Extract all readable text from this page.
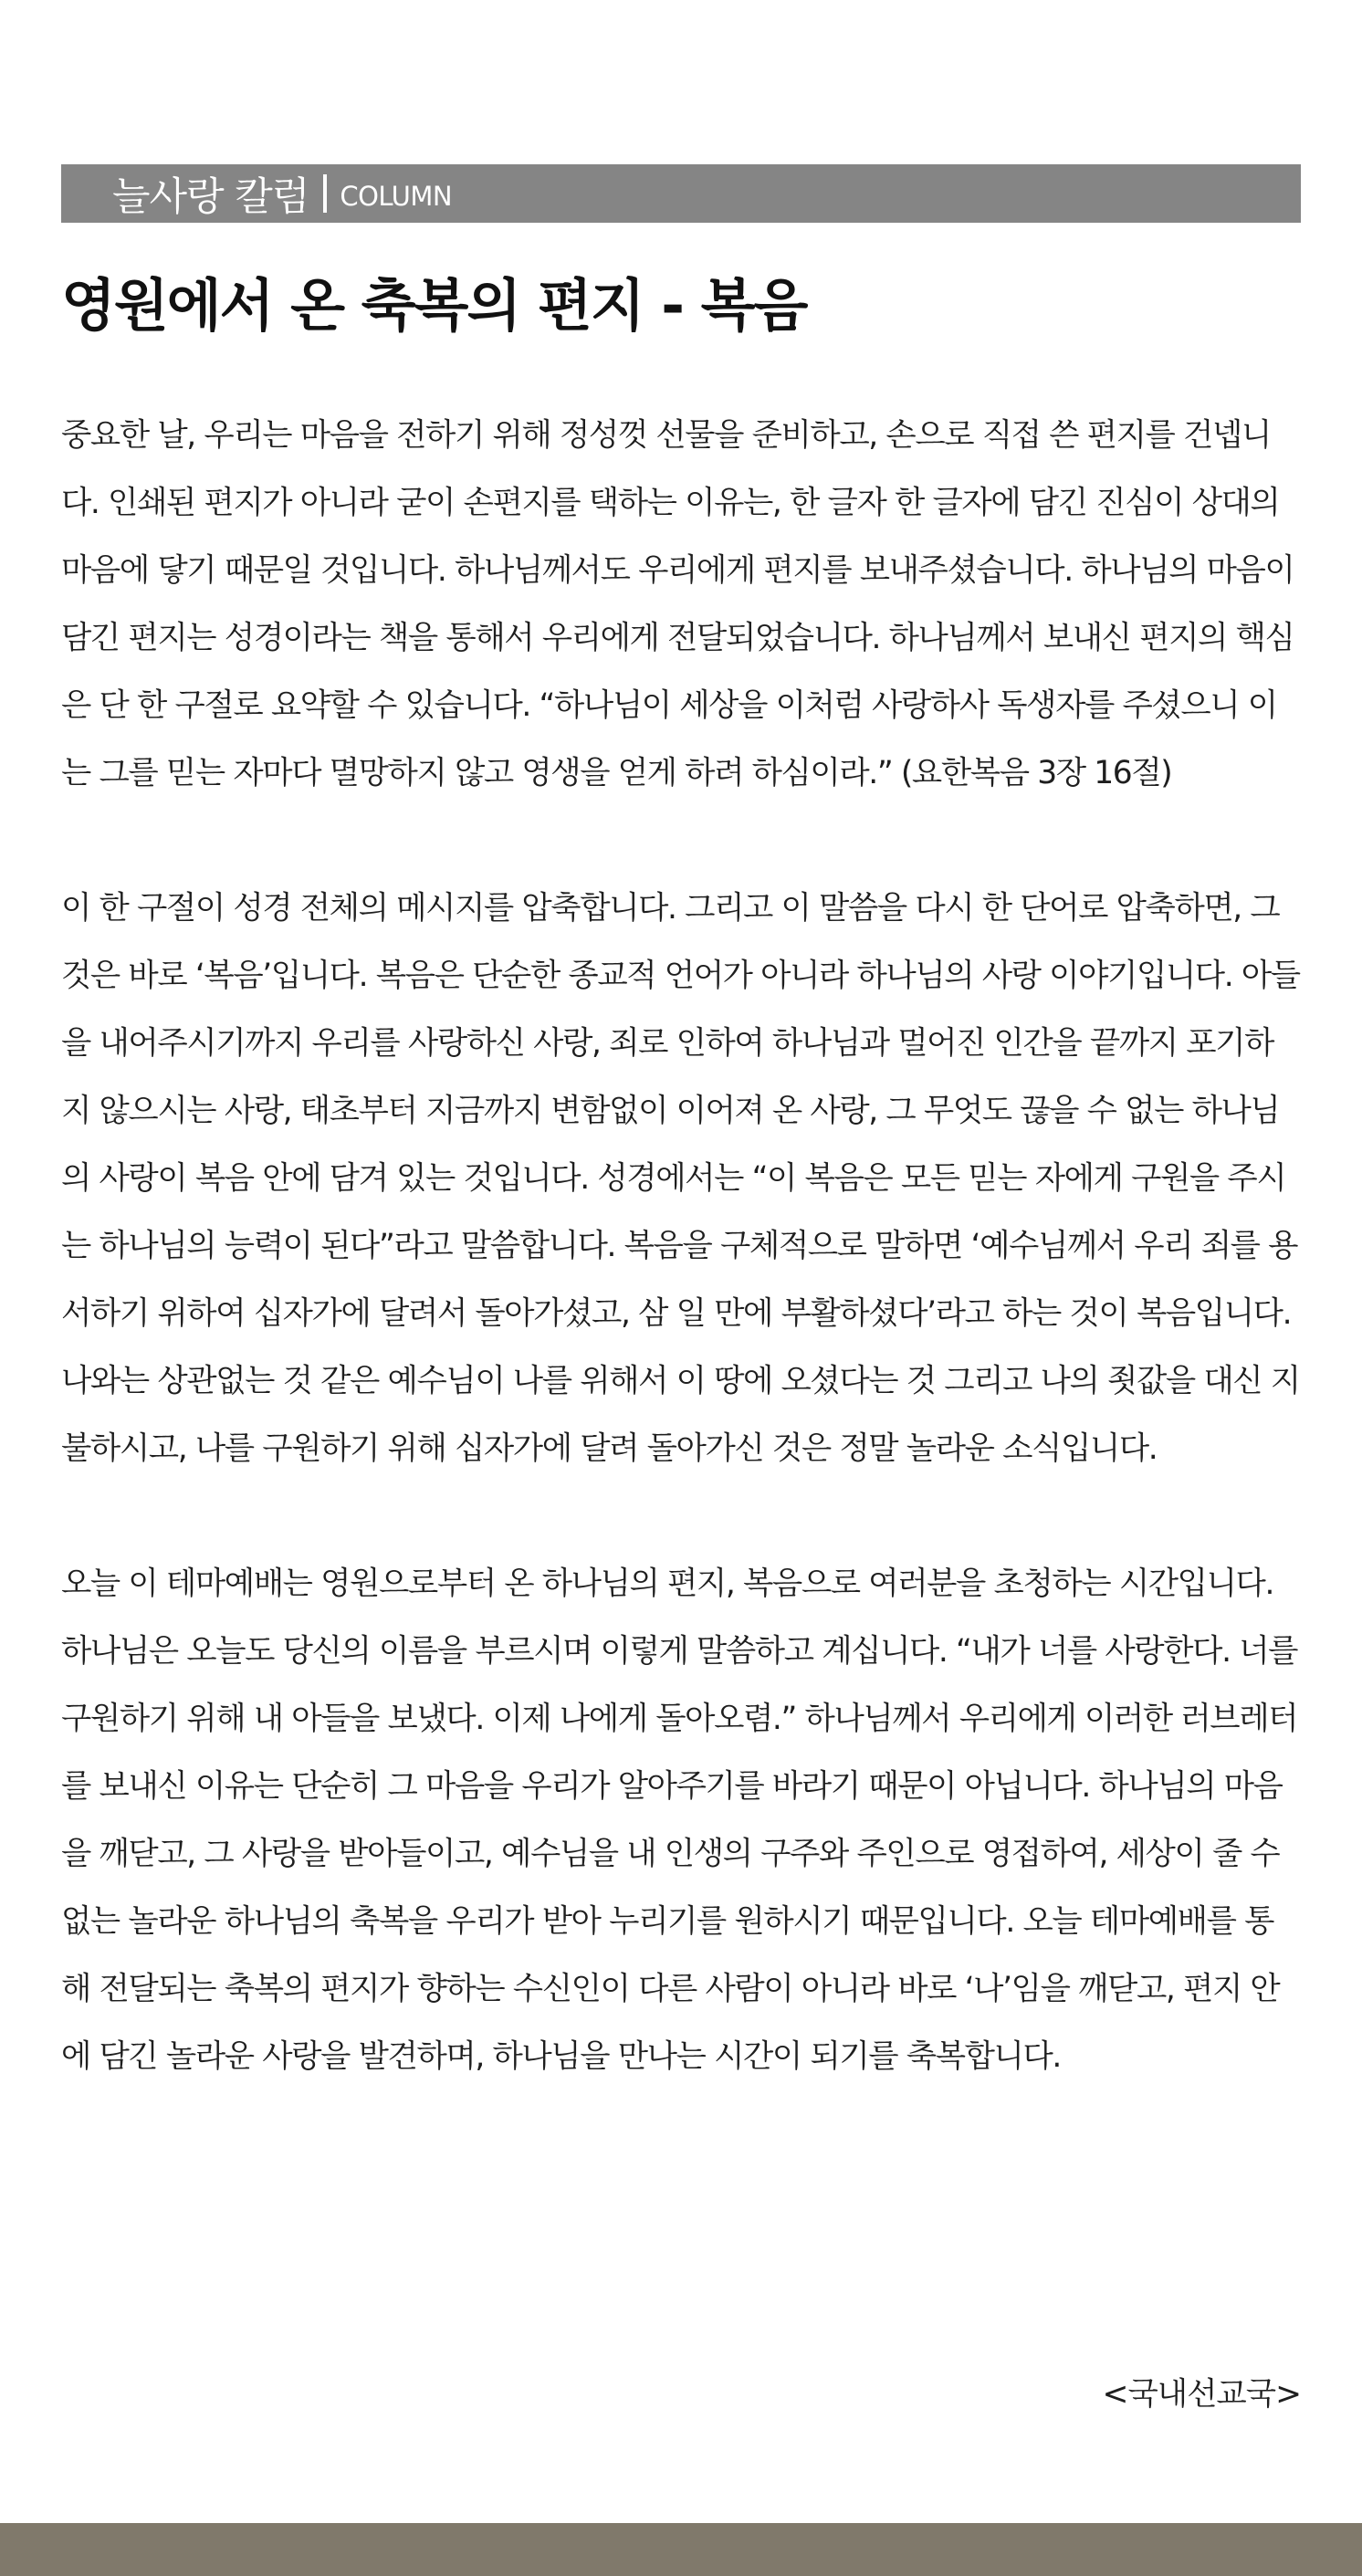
늘사랑 칼럼 COLUMN
영원에서 온 축복의 편지 - 복음

중요한 날, 우리는 마음을 전하기 위해 정성껏 선물을 준비하고, 손으로 직접 쓴 편지를 건넵니다. 인쇄된 편지가 아니라 굳이 손편지를 택하는 이유는, 한 글자 한 글자에 담긴 진심이 상대의 마음에 닿기 때문일 것입니다. 하나님께서도 우리에게 편지를 보내주셨습니다. 하나님의 마음이 담긴 편지는 성경이라는 책을 통해서 우리에게 전달되었습니다. 하나님께서 보내신 편지의 핵심은 단 한 구절로 요약할 수 있습니다. “하나님이 세상을 이처럼 사랑하사 독생자를 주셨으니 이는 그를 믿는 자마다 멸망하지 않고 영생을 얻게 하려 하심이라.” (요한복음 3장 16절)

이 한 구절이 성경 전체의 메시지를 압축합니다. 그리고 이 말씀을 다시 한 단어로 압축하면, 그것은 바로 ‘복음’입니다. 복음은 단순한 종교적 언어가 아니라 하나님의 사랑 이야기입니다. 아들을 내어주시기까지 우리를 사랑하신 사랑, 죄로 인하여 하나님과 멀어진 인간을 끝까지 포기하지 않으시는 사랑, 태초부터 지금까지 변함없이 이어져 온 사랑, 그 무엇도 끊을 수 없는 하나님의 사랑이 복음 안에 담겨 있는 것입니다. 성경에서는 “이 복음은 모든 믿는 자에게 구원을 주시는 하나님의 능력이 된다”라고 말씀합니다. 복음을 구체적으로 말하면 ‘예수님께서 우리 죄를 용서하기 위하여 십자가에 달려서 돌아가셨고, 삼 일 만에 부활하셨다’라고 하는 것이 복음입니다. 나와는 상관없는 것 같은 예수님이 나를 위해서 이 땅에 오셨다는 것 그리고 나의 죗값을 대신 지불하시고, 나를 구원하기 위해 십자가에 달려 돌아가신 것은 정말 놀라운 소식입니다.

오늘 이 테마예배는 영원으로부터 온 하나님의 편지, 복음으로 여러분을 초청하는 시간입니다. 하나님은 오늘도 당신의 이름을 부르시며 이렇게 말씀하고 계십니다. “내가 너를 사랑한다. 너를 구원하기 위해 내 아들을 보냈다. 이제 나에게 돌아오렴.” 하나님께서 우리에게 이러한 러브레터를 보내신 이유는 단순히 그 마음을 우리가 알아주기를 바라기 때문이 아닙니다. 하나님의 마음을 깨닫고, 그 사랑을 받아들이고, 예수님을 내 인생의 구주와 주인으로 영접하여, 세상이 줄 수 없는 놀라운 하나님의 축복을 우리가 받아 누리기를 원하시기 때문입니다. 오늘 테마예배를 통해 전달되는 축복의 편지가 향하는 수신인이 다른 사람이 아니라 바로 ‘나’임을 깨닫고, 편지 안에 담긴 놀라운 사랑을 발견하며, 하나님을 만나는 시간이 되기를 축복합니다.

<국내선교국>
